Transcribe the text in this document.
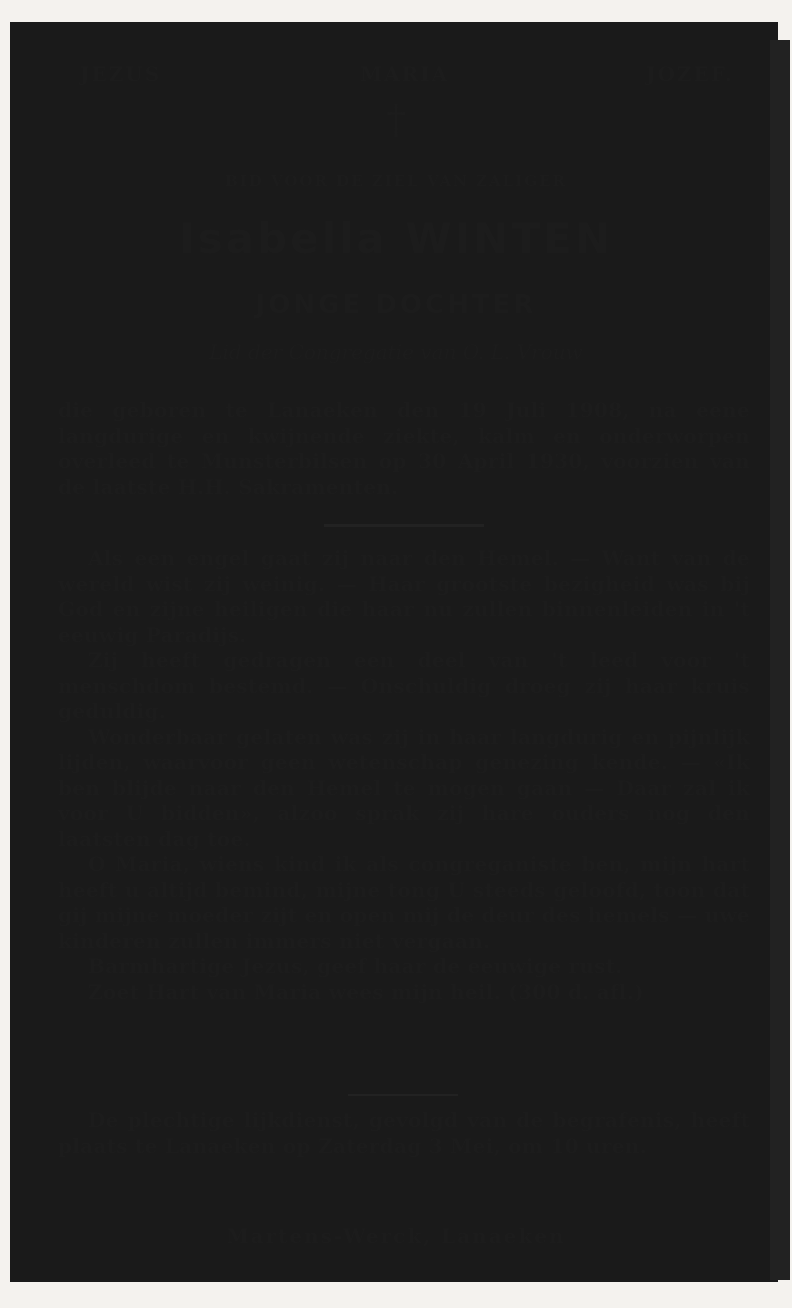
JEZUS	MARIA	JOZEF.
†
BID VOOR DE ZIEL VAN ZALIGER
Isabella WINTEN
JONGE DOCHTER
Lid der Congregatie van O. L. Vrouw

die geboren te Lanaeken den 19 Juli 1908, na eene langdurige en kwijnende ziekte, kalm en onderworpen overleed te Munsterbilsen op 30 April 1930, voorzien van de laatste H.H. Sakramenten.

Als een engel gaat zij naar den Hemel. — Want van de wereld wist zij weinig. — Haar grootste bezigheid was bij God en zijne heiligen die haar nu zullen binnenleiden in 't eeuwig Paradijs.

Zij heeft gedragen een deel van 't leed voor 't menschdom bestemd. — Onschuldig droeg zij haar kruis geduldig.

Wonderbaar gelaten was zij in haar langdurig en pijnlijk lijden, waarvoor geen wetenschap genezing kende. — «Ik ben blijde naar den Hemel te mogen gaan — Daar zal ik voor U bidden», alzoo sprak zij hare ouders nog den laatsten dag toe.

O Maria, wiens kind ik als congreganiste ben, mijn hart heeft u altijd bemind, mijne tong U steeds geloofd, toon dat gij mijne moeder zijt en open mij de deur des hemels — uwe kinderen zullen immers niet vergaan.

Barmhartige Jezus, geef haar de eeuwige rust.

Zoet Hart van Maria wees mijn heil. (300 d. afl.)

De plechtige lijkdienst, gevolgd van de begrafenis, heeft plaats te Lanaeken op Zaterdag 3 Mei, om 10 uren.

Martens-Werck, Lanaeken
